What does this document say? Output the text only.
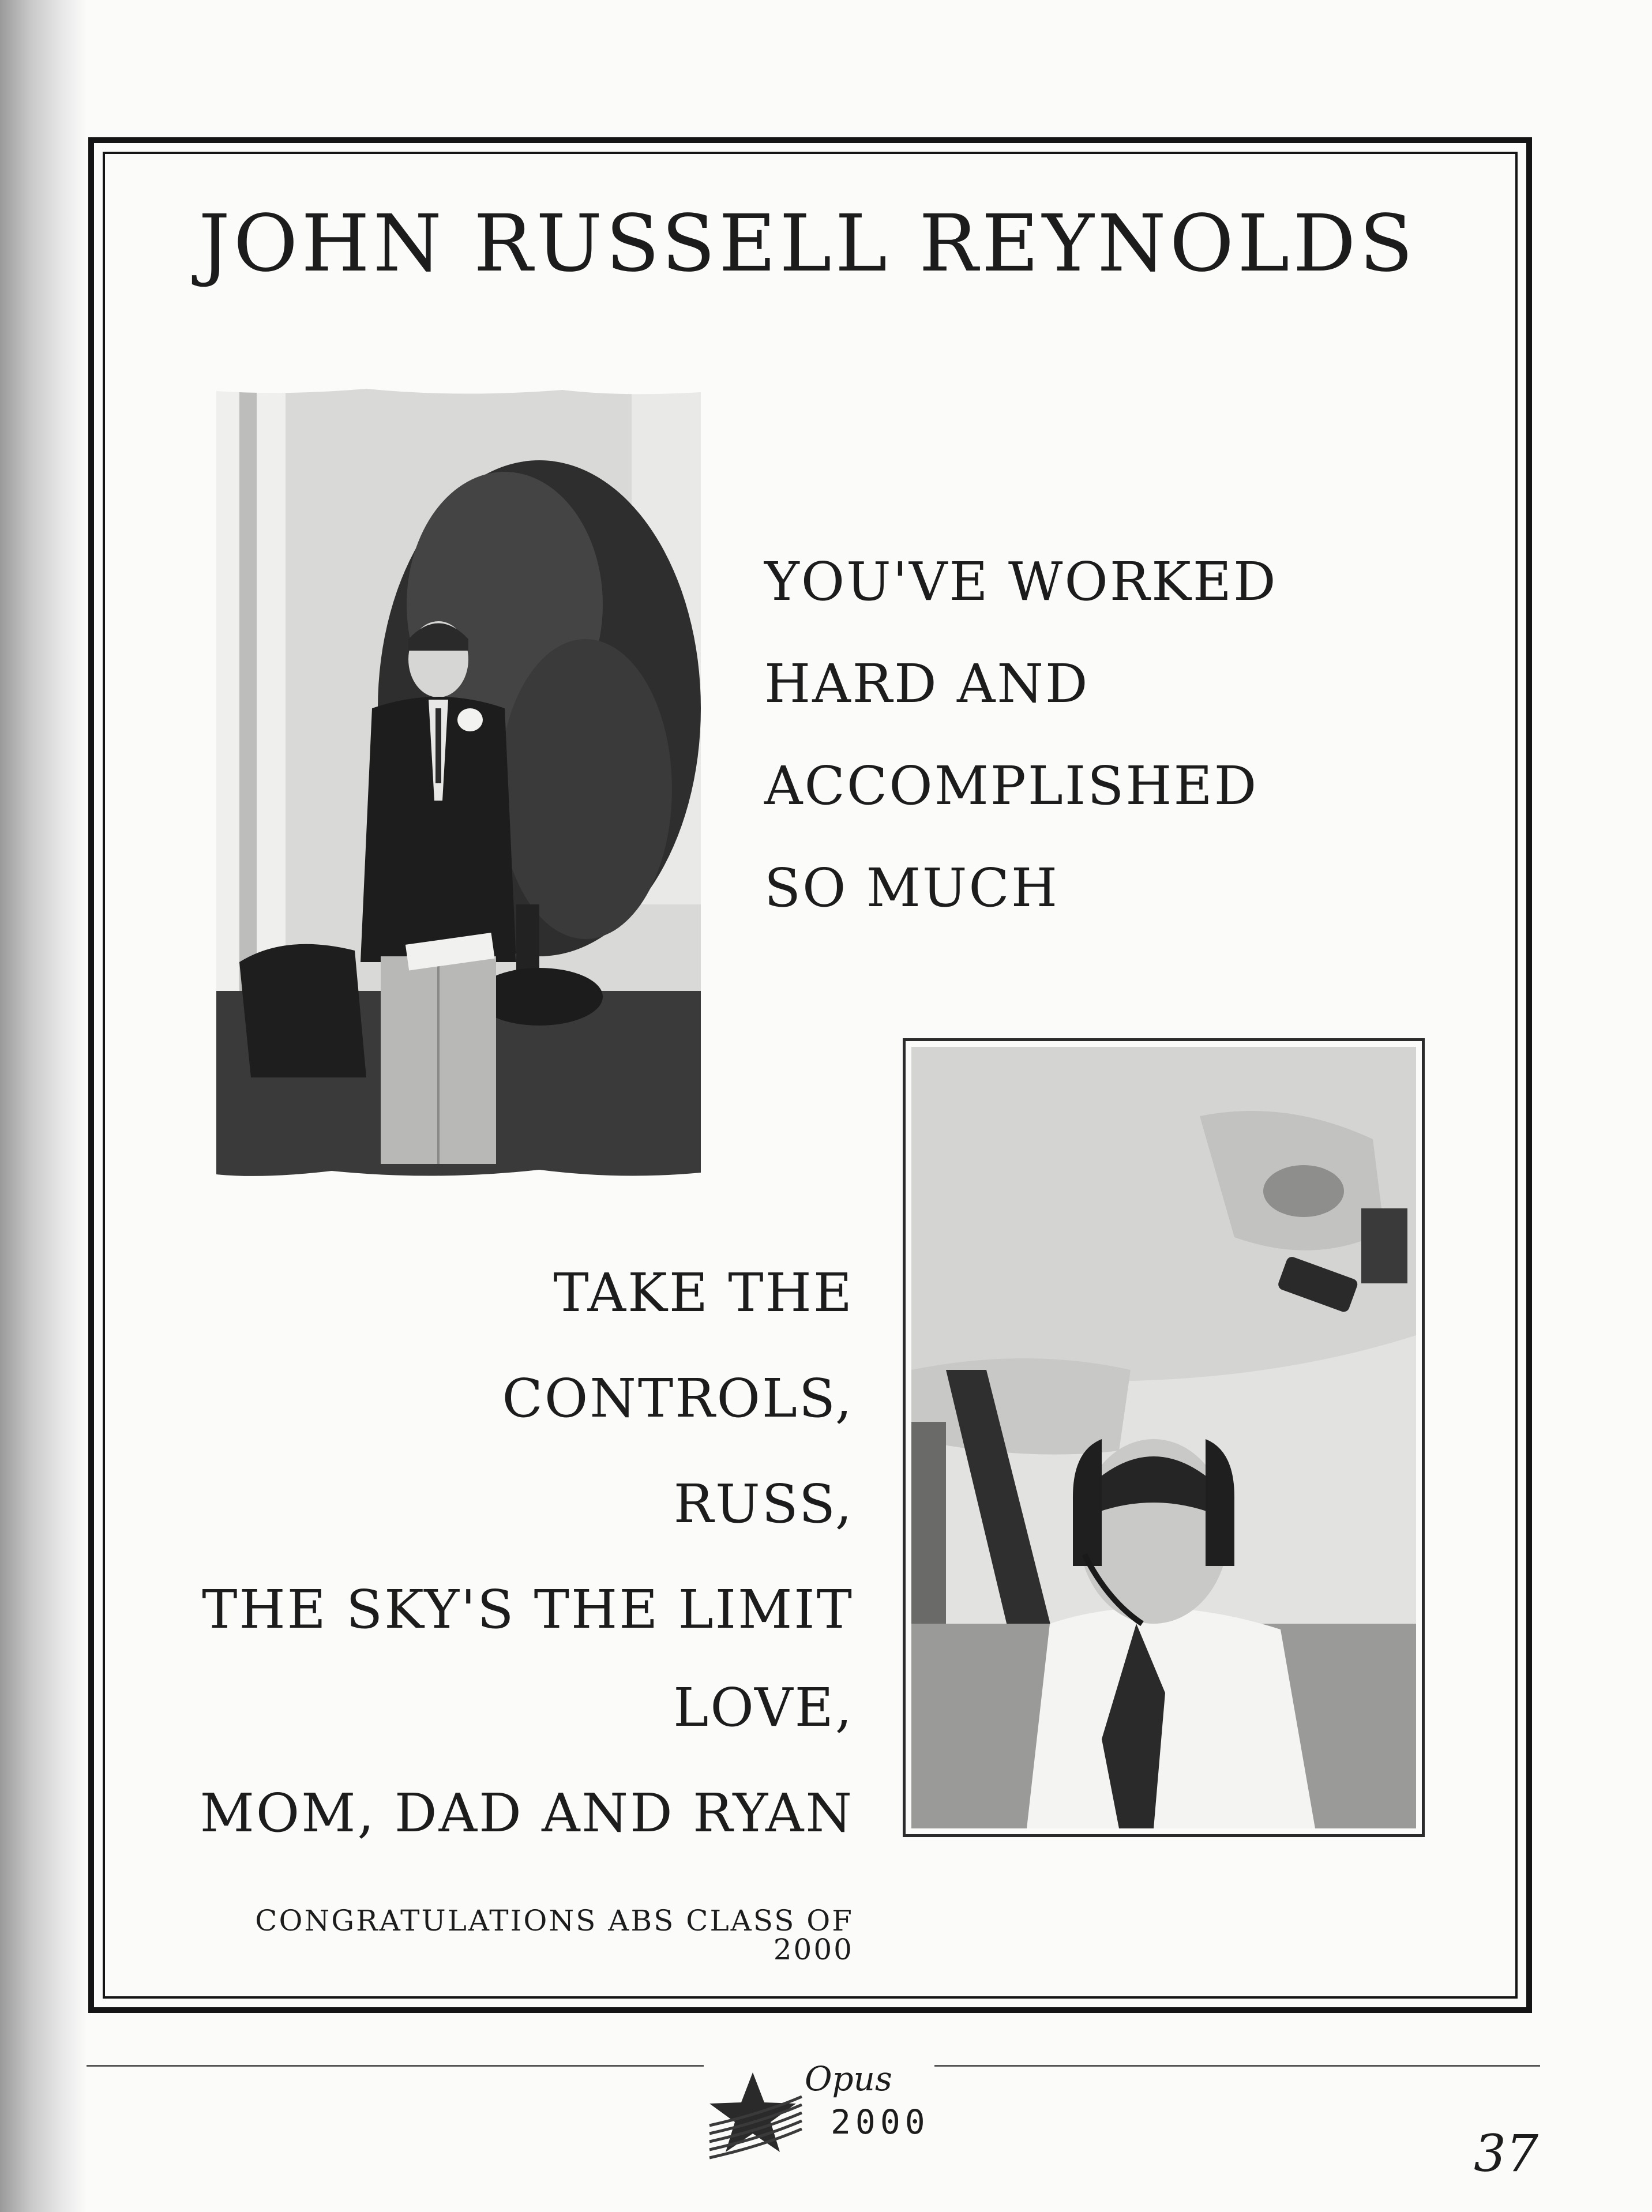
JOHN RUSSELL REYNOLDS
YOU'VE WORKED
HARD AND
ACCOMPLISHED
SO MUCH
TAKE THE CONTROLS,
RUSS,
THE SKY'S THE LIMIT
LOVE,
MOM, DAD AND RYAN
CONGRATULATIONS ABS CLASS OF 2000
Opus
2000
37
